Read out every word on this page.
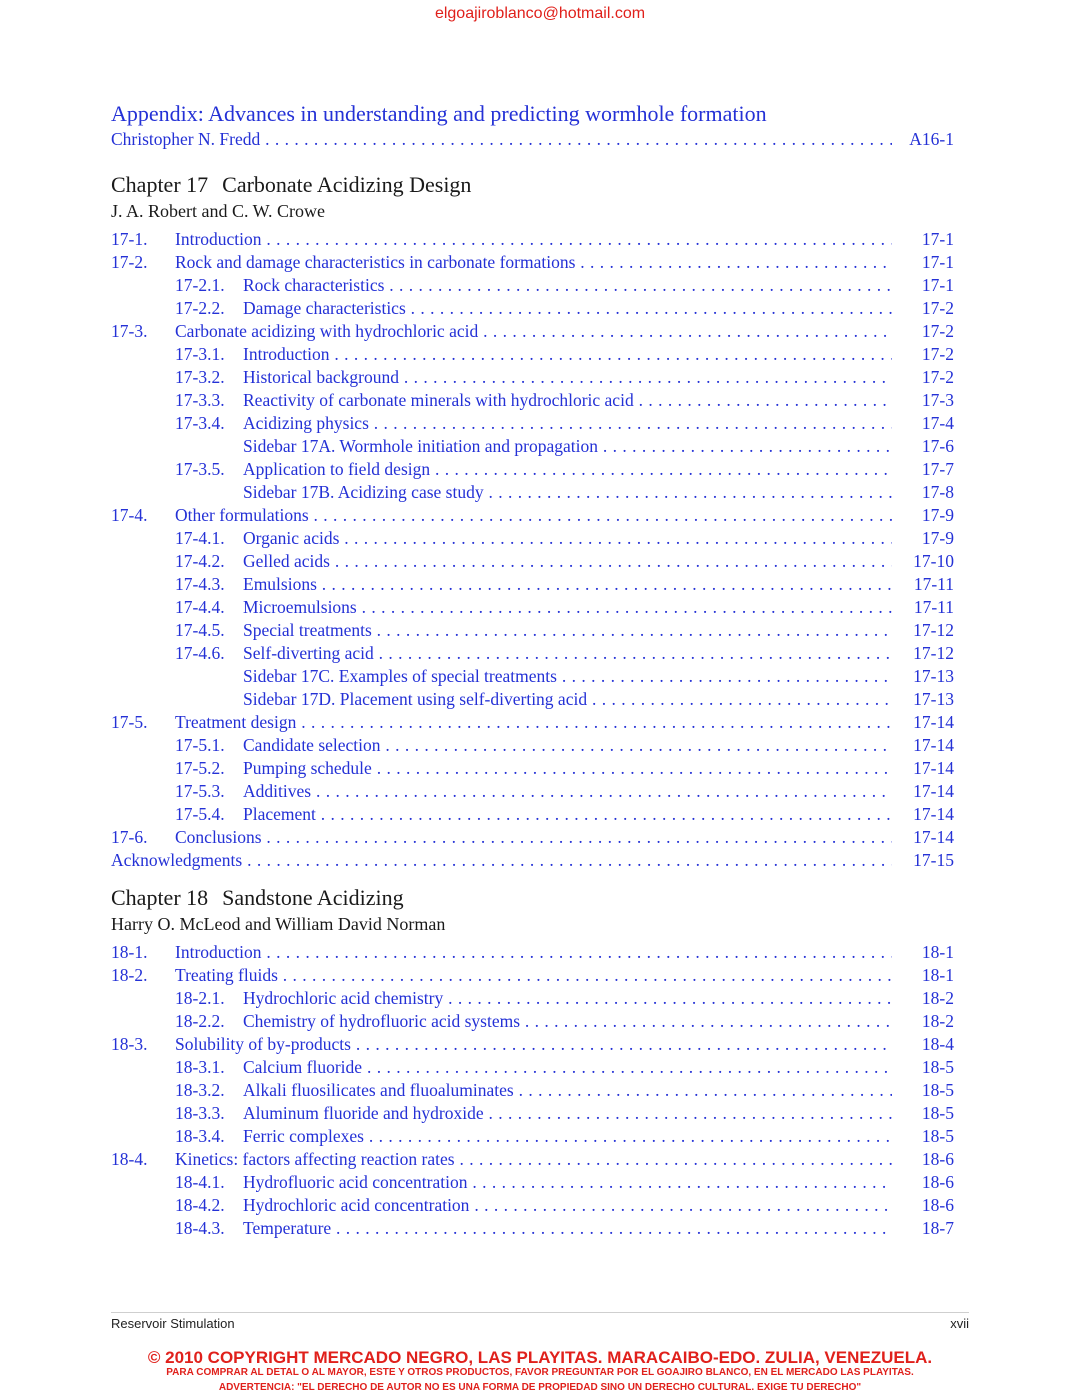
elgoajiroblanco@hotmail.com
Appendix: Advances in understanding and predicting wormhole formation
Christopher N. Fredd . . .	A16-1
Chapter 17 Carbonate Acidizing Design
J. A. Robert and C. W. Crowe
17-1. Introduction . . .	17-1
17-2. Rock and damage characteristics in carbonate formations . . .	17-1
17-2.1. Rock characteristics . . .	17-1
17-2.2. Damage characteristics . . .	17-2
17-3. Carbonate acidizing with hydrochloric acid . . .	17-2
17-3.1. Introduction . . .	17-2
17-3.2. Historical background . . .	17-2
17-3.3. Reactivity of carbonate minerals with hydrochloric acid . . .	17-3
17-3.4. Acidizing physics . . .	17-4
Sidebar 17A. Wormhole initiation and propagation . . .	17-6
17-3.5. Application to field design . . .	17-7
Sidebar 17B. Acidizing case study . . .	17-8
17-4. Other formulations . . .	17-9
17-4.1. Organic acids . . .	17-9
17-4.2. Gelled acids . . .	17-10
17-4.3. Emulsions . . .	17-11
17-4.4. Microemulsions . . .	17-11
17-4.5. Special treatments . . .	17-12
17-4.6. Self-diverting acid . . .	17-12
Sidebar 17C. Examples of special treatments . . .	17-13
Sidebar 17D. Placement using self-diverting acid . . .	17-13
17-5. Treatment design . . .	17-14
17-5.1. Candidate selection . . .	17-14
17-5.2. Pumping schedule . . .	17-14
17-5.3. Additives . . .	17-14
17-5.4. Placement . . .	17-14
17-6. Conclusions . . .	17-14
Acknowledgments . . .	17-15
Chapter 18 Sandstone Acidizing
Harry O. McLeod and William David Norman
18-1. Introduction . . .	18-1
18-2. Treating fluids . . .	18-1
18-2.1. Hydrochloric acid chemistry . . .	18-2
18-2.2. Chemistry of hydrofluoric acid systems . . .	18-2
18-3. Solubility of by-products . . .	18-4
18-3.1. Calcium fluoride . . .	18-5
18-3.2. Alkali fluosilicates and fluoaluminates . . .	18-5
18-3.3. Aluminum fluoride and hydroxide . . .	18-5
18-3.4. Ferric complexes . . .	18-5
18-4. Kinetics: factors affecting reaction rates . . .	18-6
18-4.1. Hydrofluoric acid concentration . . .	18-6
18-4.2. Hydrochloric acid concentration . . .	18-6
18-4.3. Temperature . . .	18-7
Reservoir Stimulation	xvii
© 2010 COPYRIGHT MERCADO NEGRO, LAS PLAYITAS. MARACAIBO-EDO. ZULIA, VENEZUELA.
PARA COMPRAR AL DETAL O AL MAYOR, ESTE Y OTROS PRODUCTOS, FAVOR PREGUNTAR POR EL GOAJIRO BLANCO, EN EL MERCADO LAS PLAYITAS.
ADVERTENCIA: "EL DERECHO DE AUTOR NO ES UNA FORMA DE PROPIEDAD SINO UN DERECHO CULTURAL. EXIGE TU DERECHO"
